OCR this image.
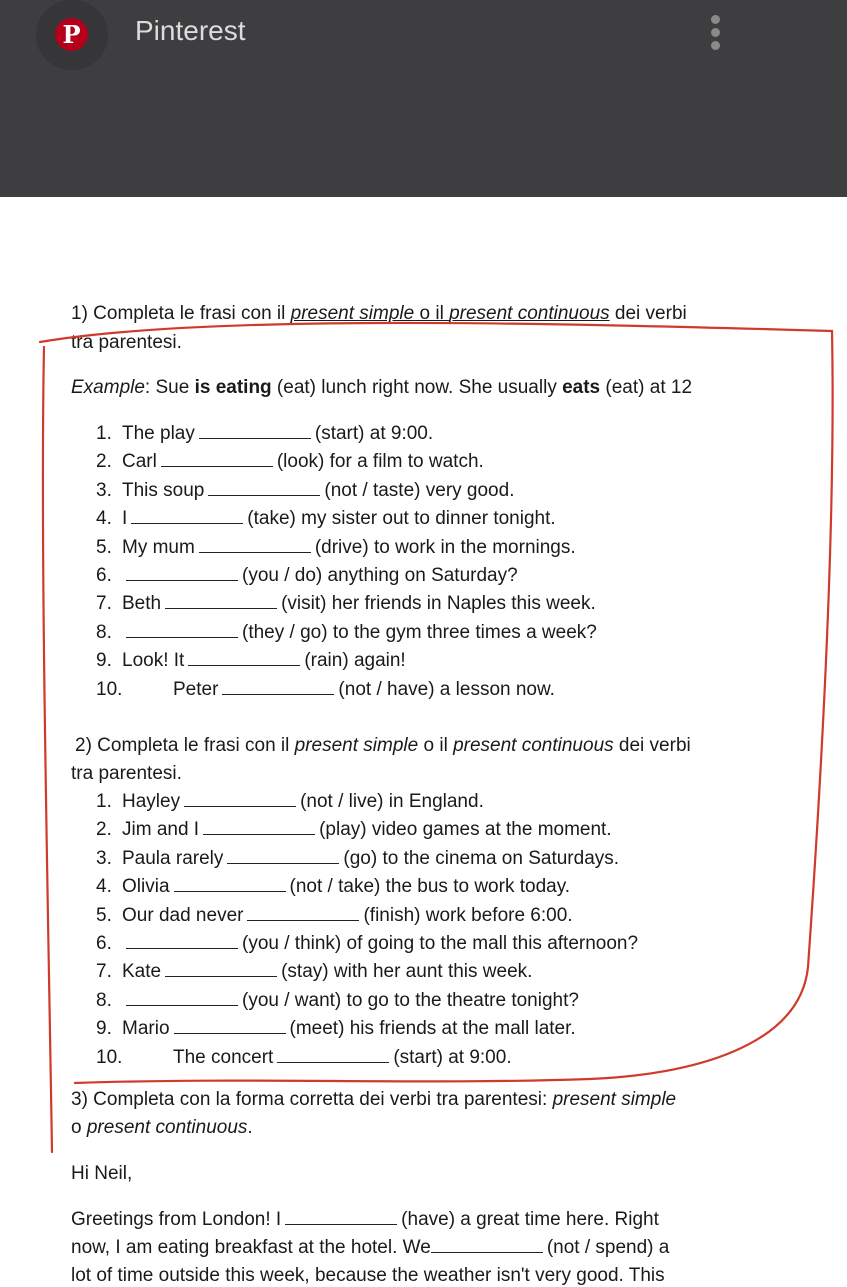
P Pinterest
1) Completa le frasi con il present simple o il present continuous dei verbi
tra parentesi.
Example: Sue is eating (eat) lunch right now. She usually eats (eat) at 12
1. The play	(start) at 9:00.
2. Carl	(look) for a film to watch.
3. This soup	(not / taste) very good.
4. I	(take) my sister out to dinner tonight.
5. My mum	(drive) to work in the mornings.
6.	(you / do) anything on Saturday?
7. Beth	(visit) her friends in Naples this week.
8.	(they / go) to the gym three times a week?
9. Look! It	(rain) again!
10.	Peter	(not / have) a lesson now.
2) Completa le frasi con il present simple o il present continuous dei verbi
tra parentesi.
1. Hayley	(not / live) in England.
2. Jim and I	(play) video games at the moment.
3. Paula rarely	(go) to the cinema on Saturdays.
4. Olivia	(not / take) the bus to work today.
5. Our dad never	(finish) work before 6:00.
6.	(you / think) of going to the mall this afternoon?
7. Kate	(stay) with her aunt this week.
8.	(you / want) to go to the theatre tonight?
9. Mario	(meet) his friends at the mall later.
10.	The concert	(start) at 9:00.
3) Completa con la forma corretta dei verbi tra parentesi: present simple
o present continuous.
Hi Neil,
Greetings from London! I	(have) a great time here. Right
now, I am eating breakfast at the hotel. We	(not / spend) a
lot of time outside this week, because the weather isn't very good. This
